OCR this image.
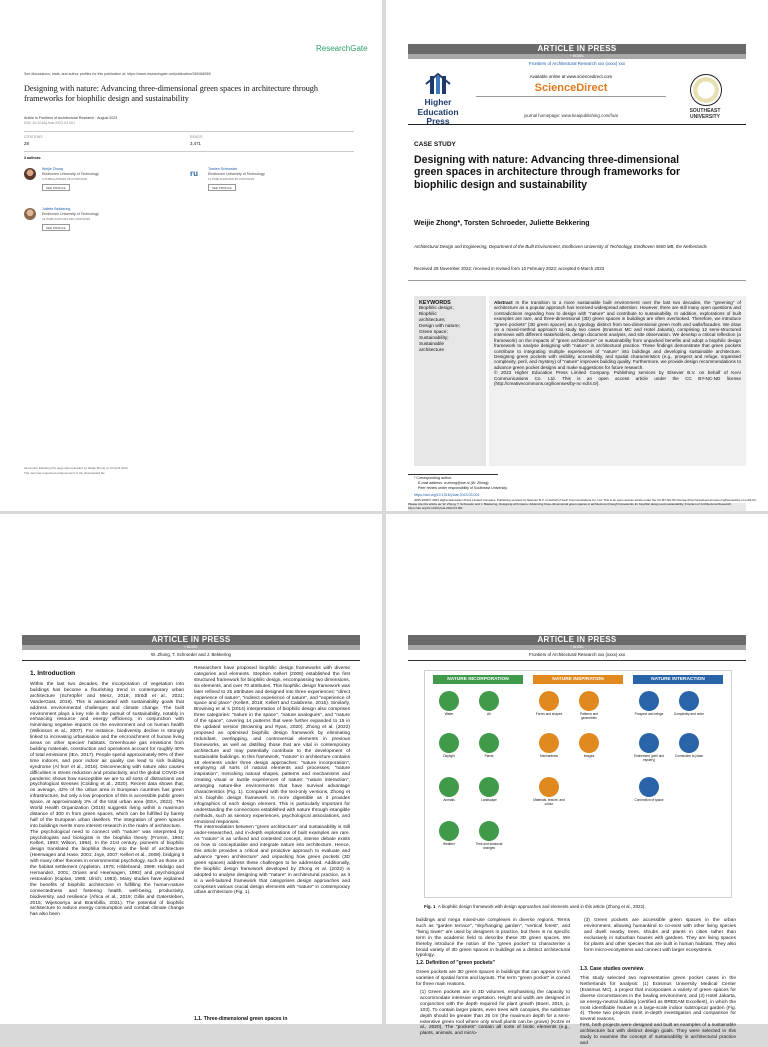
ResearchGate
See discussions, stats, and author profiles for this publication at: https://www.researchgate.net/publication/369468369
Designing with nature: Advancing three-dimensional green spaces in architecture through frameworks for biophilic design and sustainability
Article in Frontiers of Architectural Research · August 2023
DOI: 10.1016/j.foar.2023.03.001
CITATIONS
28
READS
3,471
3 authors:
Weijie Zhong
Eindhoven University of Technology
2 PUBLICATIONS 28 CITATIONS
SEE PROFILE
ru	Torsten Schroeder
Eindhoven University of Technology
11 PUBLICATIONS 55 CITATIONS
SEE PROFILE
Juliette Bekkering
Eindhoven University of Technology
41 PUBLICATIONS 320 CITATIONS
SEE PROFILE
All content following this page was uploaded by Weijie Zhong on 04 April 2023.
The user has requested enhancement of the downloaded file.
ARTICLE IN PRESS
+ MODEL
Frontiers of Architectural Research xxx (xxxx) xxx
Higher Education Press
Available online at www.sciencedirect.com
ScienceDirect
journal homepage: www.keaipublishing.com/foar
SOUTHEAST UNIVERSITY
CASE STUDY
Designing with nature: Advancing three-dimensional green spaces in architecture through frameworks for biophilic design and sustainability
Weijie Zhong*, Torsten Schroeder, Juliette Bekkering
Architectural Design and Engineering, Department of the Built Environment, Eindhoven University of Technology, Eindhoven 5600 MB, the Netherlands
Received 28 November 2022; received in revised form 10 February 2023; accepted 6 March 2023
KEYWORDS
Biophilic design;
Biophilic
architecture;
Design with nature;
Green space;
Sustainability;
Sustainable
architecture
Abstract In the transition to a more sustainable built environment over the last two decades, the "greening" of architecture as a popular approach has received widespread attention. However, there are still many open questions and contradictions regarding how to design with "nature" and contribute to sustainability. In addition, explorations of built examples are rare, and three-dimensional (3D) green spaces in buildings are often overlooked. Therefore, we introduce "green pockets" (3D green spaces) as a typology distinct from two-dimensional green roofs and walls/facades. We draw on a mixed-method approach to study two cases (Erasmus MC and Hotel Jakarta), comprising 12 semi-structured interviews with different stakeholders, design document analysis, and site observation. We develop a critical reflection (a framework) on the impacts of "green architecture" on sustainability from unpacked benefits and adopt a biophilic design framework to analyse designing with "nature" in architectural practice. These findings demonstrate that green pockets contribute to integrating multiple experiences of "nature" into buildings and developing sustainable architecture. Designing green pockets with visibility, accessibility, and spatial characteristics (e.g., prospect and refuge, organised complexity, peril, and mystery) of "nature" improves building quality. Furthermore, we provide design recommendations to advance green pocket designs and make suggestions for future research.
© 2023 Higher Education Press Limited Company. Publishing services by Elsevier B.V. on behalf of KeAi Communications Co. Ltd. This is an open access article under the CC BY-NC-ND license (http://creativecommons.org/licenses/by-nc-nd/4.0/).
* Corresponding author.
E-mail address: w.zhong@tue.nl (W. Zhong).
Peer review under responsibility of Southeast University.
https://doi.org/10.1016/j.foar.2023.03.001
2095-2635/© 2023 Higher Education Press Limited Company. Publishing services by Elsevier B.V. on behalf of KeAi Communications Co. Ltd. This is an open access article under the CC BY-NC-ND license (http://creativecommons.org/licenses/by-nc-nd/4.0/).
Please cite this article as: W. Zhong, T. Schroeder and J. Bekkering, Designing with nature: Advancing three-dimensional green spaces in architecture through frameworks for biophilic design and sustainability, Frontiers of Architectural Research, https://doi.org/10.1016/j.foar.2023.03.001
ARTICLE IN PRESS
+ MODEL
W. Zhong, T. Schroeder and J. Bekkering
1. Introduction
Within the last two decades, the incorporation of vegetation into buildings has become a flourishing trend in contemporary urban architecture (Schröpfer and Menz, 2019; Strödl et al., 2021; VanderGast, 2018). This is associated with sustainability goals that address environmental challenges and climate change. The built environment plays a key role in the pursuit of sustainability, notably in enhancing resource and energy efficiency, in conjunction with minimising negative impacts on the environment and on human health (Wilkinson et al., 2007). For instance, biodiversity decline is strongly linked to increasing urbanisation and the encroachment of human living areas on other species' habitats. Greenhouse gas emissions from building materials, construction and operations account for roughly 40% of total emissions (IEA, 2017). People spend approximately 90% of their time indoors, and poor indoor air quality can lead to sick building syndrome (Al horr et al., 2016). Disconnecting with nature also causes difficulties in stress reduction and productivity, and the global COVID-19 pandemic shows how susceptible we are to all sorts of distractions and psychological stresses (Colding et al., 2020). Recent data shows that, on average, 42% of the urban area in European countries has green infrastructure, but only a low proportion of this is accessible public green space, at approximately 3% of the total urban area (EEA, 2022). The World Health Organization (2016) suggests living within a maximum distance of 300 m from green spaces, which can be fulfilled by barely half of the European urban dwellers. The integration of green spaces into buildings merits more interest research in the realm of architecture.
The psychological need to connect with "nature" was interpreted by psychologists and biologists in the biophilia theory (Fromm, 1964; Kellert, 1993; Wilson, 1984). In the 21st century, pioneers of biophilic design translated the biophilia theory into the field of architecture (Heerwagen and Hase, 2001; Joye, 2007; Kellert et al., 2008), bridging it with many other theories in environmental psychology, such as those on the habitat settlement (Appleton, 1975; Hildebrand, 1999; Hidalgo and Hernandez, 2001; Orians and Heerwagen, 1992) and psychological restoration (Kaplan, 1995; Ulrich, 1983). Many studies have explained the benefits of biophilic architecture in fulfilling the human-nature connectedness and fostering health, well-being, productivity, biodiversity, and resilience (Africa et al., 2019; Gillis and Gatersleben, 2015; Wijesooriya and Brambilla, 2021). The potential of biophilic architecture to reduce energy consumption and combat climate change has also been
Researchers have proposed biophilic design frameworks with diverse categories and elements. Stephen Kellert (2008) established the first structured framework for biophilic design, encompassing two dimensions, six elements, and over 70 attributes. This biophilic design framework was later refined to 25 attributes and designed into three experiences: "direct experience of nature", "indirect experience of nature", and "experience of space and place" (Kellert, 2018; Kellert and Calabrese, 2015). Similarly, Browning et al.'s (2014) interpretation of biophilic design also comprises three categories: "nature in the space", "nature analogues", and "nature of the space", covering 14 patterns that were further expanded to 15 in the updated version (Browning and Ryan, 2020). Zhong et al. (2022) proposed an optimised biophilic design framework by eliminating redundant, overlapping, and controversial elements in previous frameworks, as well as distilling those that are vital in contemporary architecture and may potentially contribute to the development of sustainable buildings. In this framework, "nature" in architecture contains 18 elements under three design approaches: "nature incorporation", employing all sorts of natural elements and processes; "nature inspiration", mimicking natural shapes, patterns and mechanisms and creating visual or tactile experiences of nature; "nature interaction", arranging nature-like environments that have survival advantage characteristics (Fig. 1). Compared with the text-only versions, Zhong et al.'s biophilic design framework is more digestible as it provides infographics of each design element. This is particularly important for understanding the connections established with nature through intangible methods, such as sensory experiences, psychological associations, and emotional responses.
The intermediation between "green architecture" and sustainability is still under-researched, and in-depth explorations of built examples are rare. As "nature" is an unfixed and contested concept, intense debate exists on how to conceptualise and integrate nature into architecture. Hence, this article provides a critical and proactive approach to evaluate and advance "green architecture" and unpacking how green pockets (3D green spaces) address these challenges to be addressed. Additionally, the biophilic design framework developed by Zhong et al. (2022) is adopted to analyse designing with "nature" in architectural practice, as it is a well-tailored framework that categorises design approaches and comprises various crucial design elements with "nature" in contemporary urban architecture (Fig. 1).
1.1. Three-dimensional green spaces in
ARTICLE IN PRESS
+ MODEL
Frontiers of Architectural Research xxx (xxxx) xxx
NATURE INCORPORATION	NATURE INSPIRATION	NATURE INTERACTION
Water	Air
Daylight	Plants
Animals	Landscape
Weather	Time and seasonal changes
Forms and shapes	Patterns and geometries
Mechanisms	Images
Materials, texture, and colour
Prospect and refuge	Complexity and order
Enticement (peril and mystery)
Connection to place
Connection of space
Fig. 1 A biophilic design framework with design approaches and elements used in this article (Zhong et al., 2022).
buildings and mega mixed-use complexes in diverse regions. Terms such as "garden terrace", "sky/hanging garden", "vertical forest", and "living tower" are used by designers in practice, but there is no specific term in the academic field to describe these 3D green spaces. We thereby introduce the notion of the "green pocket" to characterise a broad variety of 3D green spaces in buildings as a distinct architectural typology.
1.2. Definition of "green pockets"
Green pockets are 3D green spaces in buildings that can appear in rich varieties of spatial forms and layouts. The term "green pocket" is coined for three main reasons.
(1) Green pockets are in 3D volumes, emphasising the capacity to accommodate intensive vegetation. Height and width are designed in conjunction with the depth required for plant growth (Boeri, 2015, p. 103). To contain larger plants, even trees with canopies, the substrate depth should be greater than 25 cm (the maximum depth for a semi-extensive green roof where only small plants can be grown) (Kotze et al., 2020). The "pockets" contain all sorts of biotic elements (e.g., plants, animals, and micro-
(3) Green pockets are accessible green spaces in the urban environment, allowing humankind to co-exist with other living species and dwell nearby trees, shrubs and plants in cities rather than exclusively in suburban houses with gardens. They are living spaces for plants and other species that are built in human habitats. They also form micro-ecosystems and connect with larger ecosystems.
1.3. Case studies overview
This study selected two representative green pocket cases in the Netherlands for analysis: (1) Erasmus University Medical Center (Erasmus MC), a project that incorporates a variety of green spaces for diverse circumstances in the healing environment, and (2) Hotel Jakarta, an energy-neutral building (certified as BREEAM Excellent), in which the most identifiable feature is a large-scale indoor subtropical garden (Fig. 4). These two projects merit in-depth investigation and comparison for several reasons.
First, both projects were designed and built as examples of a sustainable architecture but with distinct design goals. They were selected in this study to examine the concept of sustainability in architectural practice and
